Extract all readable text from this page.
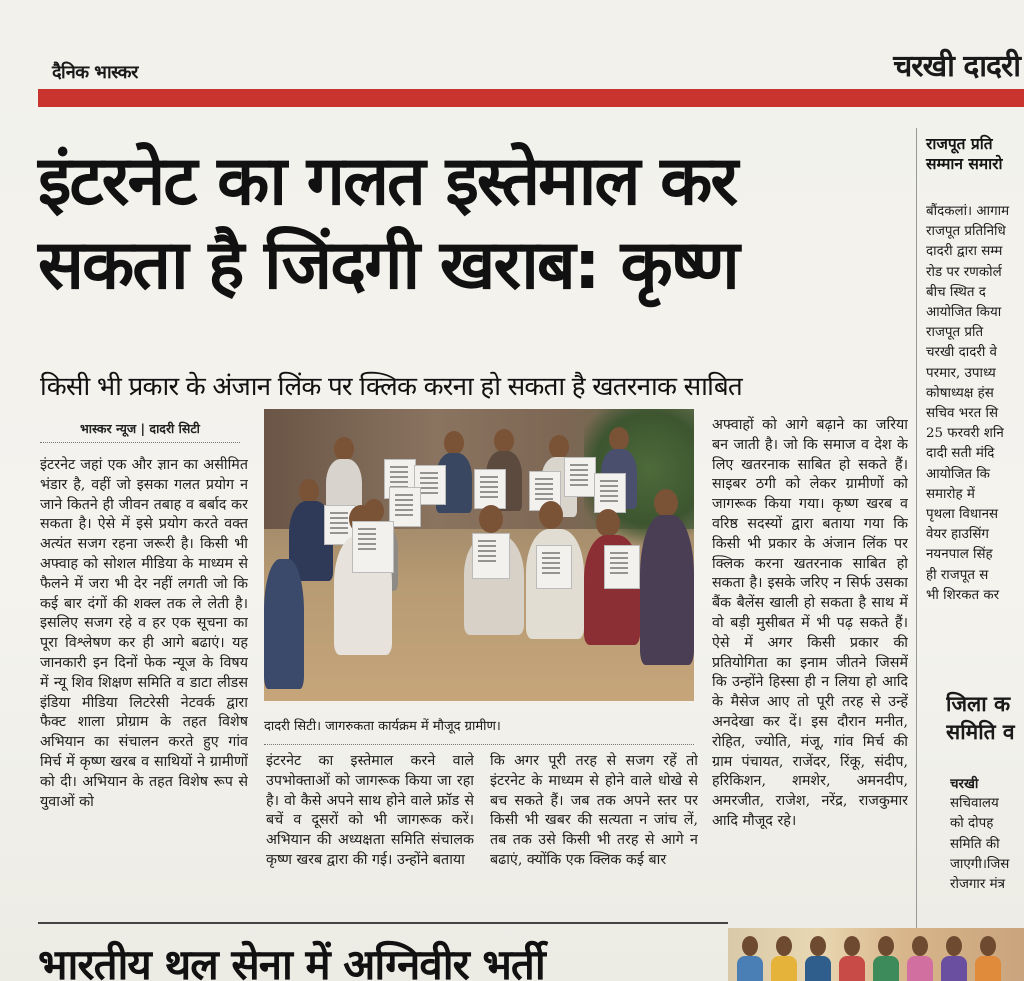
दैनिक भास्कर	चरखी दादरी
इंटरनेट का गलत इस्तेमाल कर
सकता है जिंदगी खराब: कृष्ण
किसी भी प्रकार के अंजान लिंक पर क्लिक करना हो सकता है खतरनाक साबित
भास्कर न्यूज | दादरी सिटी

इंटरनेट जहां एक और ज्ञान का असीमित भंडार है, वहीं जो इसका गलत प्रयोग न जाने कितने ही जीवन तबाह व बर्बाद कर सकता है। ऐसे में इसे प्रयोग करते वक्त अत्यंत सजग रहना जरूरी है। किसी भी अफ्वाह को सोशल मीडिया के माध्यम से फैलने में जरा भी देर नहीं लगती जो कि कई बार दंगों की शक्ल तक ले लेती है। इसलिए सजग रहे व हर एक सूचना का पूरा विश्लेषण कर ही आगे बढाएं। यह जानकारी इन दिनों फेक न्यूज के विषय में न्यू शिव शिक्षण समिति व डाटा लीडस इंडिया मीडिया लिटरेसी नेटवर्क द्वारा फैक्ट शाला प्रोग्राम के तहत विशेष अभियान का संचालन करते हुए गांव मिर्च में कृष्ण खरब व साथियों ने ग्रामीणों को दी। अभियान के तहत विशेष रूप से युवाओं को

दादरी सिटी। जागरुकता कार्यक्रम में मौजूद ग्रामीण।

इंटरनेट का इस्तेमाल करने वाले उपभोक्ताओं को जागरूक किया जा रहा है। वो कैसे अपने साथ होने वाले फ्रॉड से बचें व दूसरों को भी जागरूक करें। अभियान की अध्यक्षता समिति संचालक कृष्ण खरब द्वारा की गई। उन्होंने बताया

कि अगर पूरी तरह से सजग रहें तो इंटरनेट के माध्यम से होने वाले धोखे से बच सकते हैं। जब तक अपने स्तर पर किसी भी खबर की सत्यता न जांच लें, तब तक उसे किसी भी तरह से आगे न बढाएं, क्योंकि एक क्लिक कई बार

अफ्वाहों को आगे बढ़ाने का जरिया बन जाती है। जो कि समाज व देश के लिए खतरनाक साबित हो सकते हैं। साइबर ठगी को लेकर ग्रामीणों को जागरूक किया गया। कृष्ण खरब व वरिष्ठ सदस्यों द्वारा बताया गया कि किसी भी प्रकार के अंजान लिंक पर क्लिक करना खतरनाक साबित हो सकता है। इसके जरिए न सिर्फ उसका बैंक बैलेंस खाली हो सकता है साथ में वो बड़ी मुसीबत में भी पढ़ सकते हैं। ऐसे में अगर किसी प्रकार की प्रतियोगिता का इनाम जीतने जिसमें कि उन्होंने हिस्सा ही न लिया हो आदि के मैसेज आए तो पूरी तरह से उन्हें अनदेखा कर दें। इस दौरान मनीत, रोहित, ज्योति, मंजू, गांव मिर्च की ग्राम पंचायत, राजेंदर, रिंकू, संदीप, हरिकिशन, शमशेर, अमनदीप, अमरजीत, राजेश, नरेंद्र, राजकुमार आदि मौजूद रहे।

राजपूत प्रति
सम्मान समारो
बौंदकलां। आगाम
राजपूत प्रतिनिधि
दादरी द्वारा सम्म
रोड पर रणकोर्ल
बीच स्थित द
आयोजित किया
राजपूत प्रति
चरखी दादरी वे
परमार, उपाध्य
कोषाध्यक्ष हंस
सचिव भरत सि
25 फरवरी शनि
दादी सती मंदि
आयोजित कि
समारोह में
पृथला विधानस
वेयर हाउसिंग
नयनपाल सिंह
ही राजपूत स
भी शिरकत कर
जिला क
समिति व
चरखी
सचिवालय
को दोपह
समिति की
जाएगी।जिस
रोजगार मंत्र
भारतीय थल सेना में अग्निवीर भर्ती
